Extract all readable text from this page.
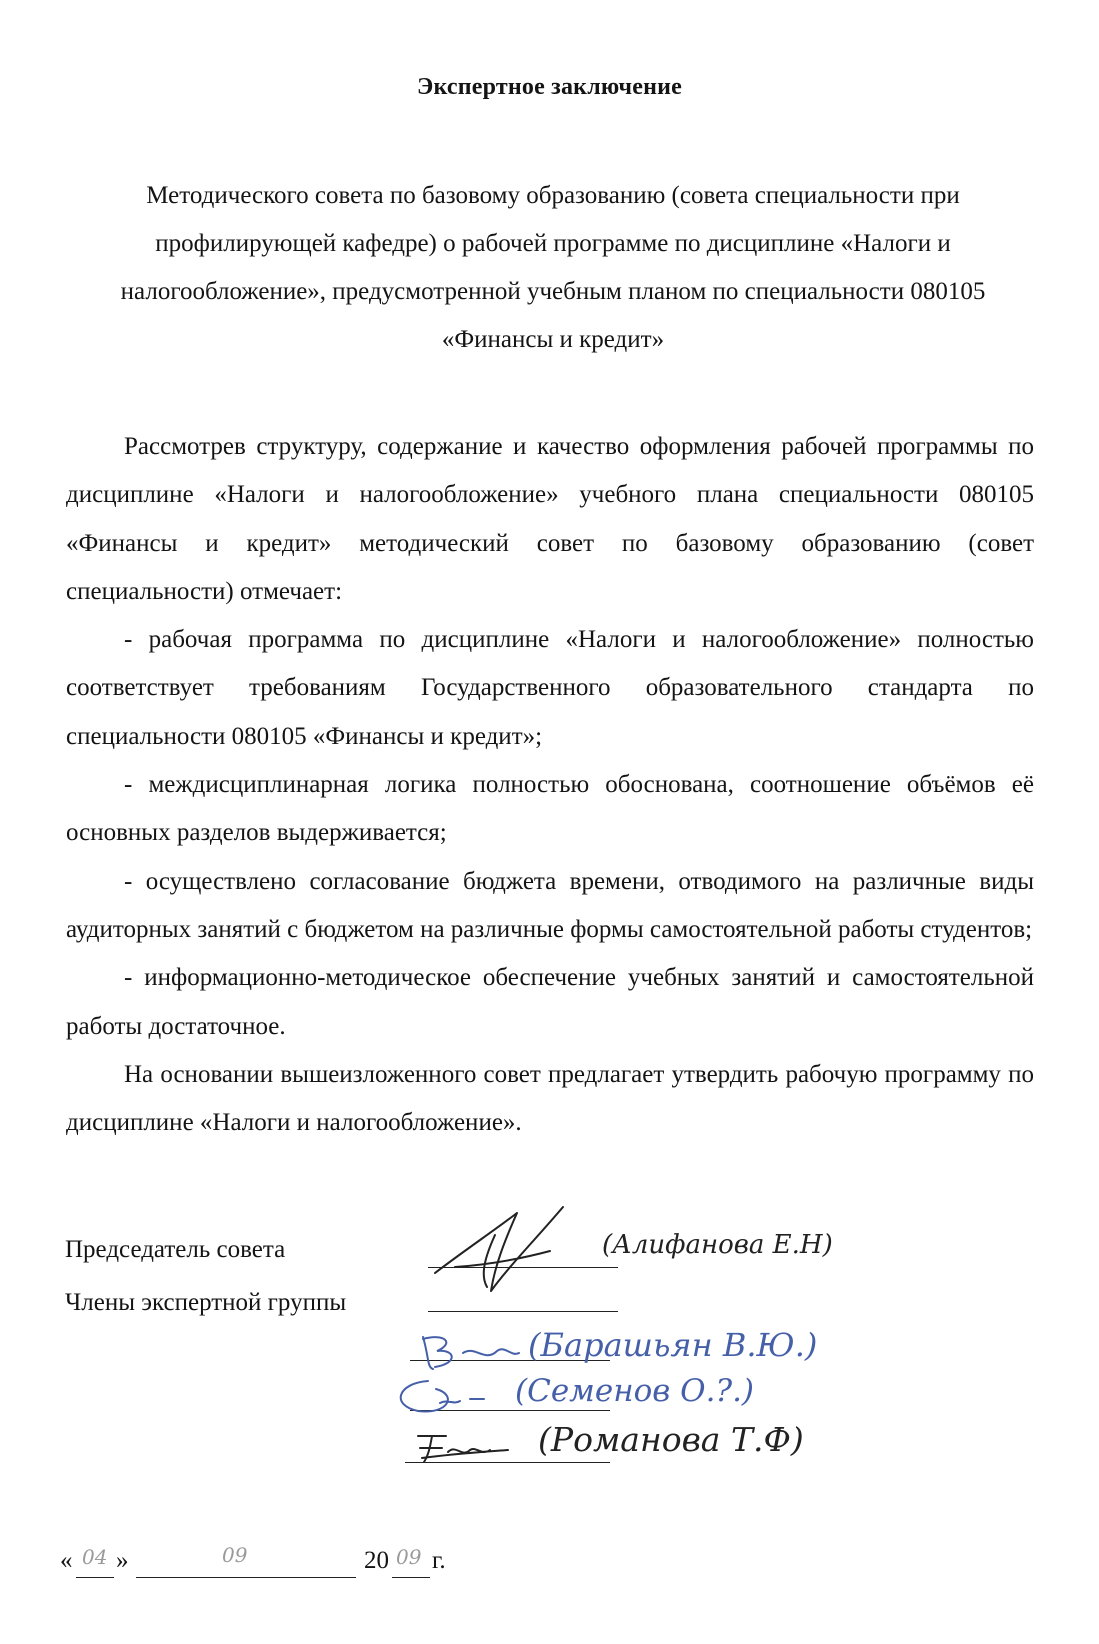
Экспертное заключение
Методического совета по базовому образованию (совета специальности при профилирующей кафедре) о рабочей программе по дисциплине «Налоги и налогообложение», предусмотренной учебным планом по специальности 080105 «Финансы и кредит»

Рассмотрев структуру, содержание и качество оформления рабочей программы по дисциплине «Налоги и налогообложение» учебного плана специальности 080105 «Финансы и кредит» методический совет по базовому образованию (совет специальности) отмечает:

- рабочая программа по дисциплине «Налоги и налогообложение» полностью соответствует требованиям Государственного образовательного стандарта по специальности 080105 «Финансы и кредит»;

- междисциплинарная логика полностью обоснована, соотношение объёмов её основных разделов выдерживается;

- осуществлено согласование бюджета времени, отводимого на различные виды аудиторных занятий с бюджетом на различные формы самостоятельной работы студентов;

- информационно-методическое обеспечение учебных занятий и самостоятельной работы достаточное.

На основании вышеизложенного совет предлагает утвердить рабочую программу по дисциплине «Налоги и налогообложение».

Председатель совета
Члены экспертной группы
(Алифанова Е.Н)
(Барашьян В.Ю.)
(Семенов О.?.)
(Романова Т.Ф)
« 04 »	09	20 09 г.
